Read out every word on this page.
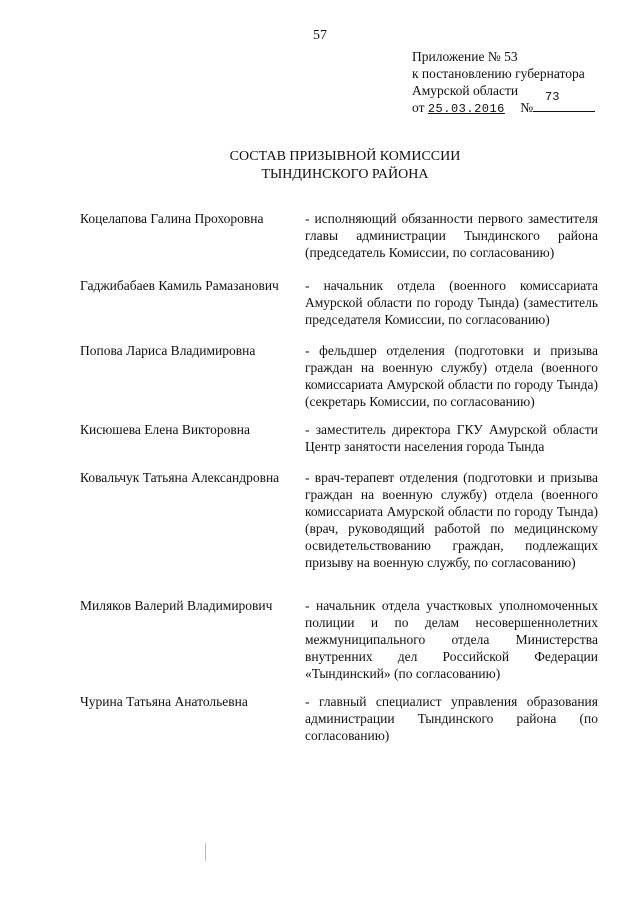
57
Приложение № 53
к постановлению губернатора
Амурской области
от 25.03.2016 №
73
СОСТАВ ПРИЗЫВНОЙ КОМИССИИ
ТЫНДИНСКОГО РАЙОНА
Коцелапова Галина Прохоровна	- исполняющий обязанности первого заместителя главы администрации Тындинского района (председатель Комиссии, по согласованию)
Гаджибабаев Камиль Рамазанович	- начальник отдела (военного комиссариата Амурской области по городу Тында) (заместитель председателя Комиссии, по согласованию)
Попова Лариса Владимировна	- фельдшер отделения (подготовки и призыва граждан на военную службу) отдела (военного комиссариата Амурской области по городу Тында) (секретарь Комиссии, по согласованию)
Кисюшева Елена Викторовна	- заместитель директора ГКУ Амурской области Центр занятости населения города Тында
Ковальчук Татьяна Александровна	- врач-терапевт отделения (подготовки и призыва граждан на военную службу) отдела (военного комиссариата Амурской области по городу Тында) (врач, руководящий работой по медицинскому освидетельствованию граждан, подлежащих призыву на военную службу, по согласованию)
Миляков Валерий Владимирович	- начальник отдела участковых уполномоченных полиции и по делам несовершеннолетних межмуниципального отдела Министерства внутренних дел Российской Федерации «Тындинский» (по согласованию)
Чурина Татьяна Анатольевна	- главный специалист управления образования администрации Тындинского района (по согласованию)
